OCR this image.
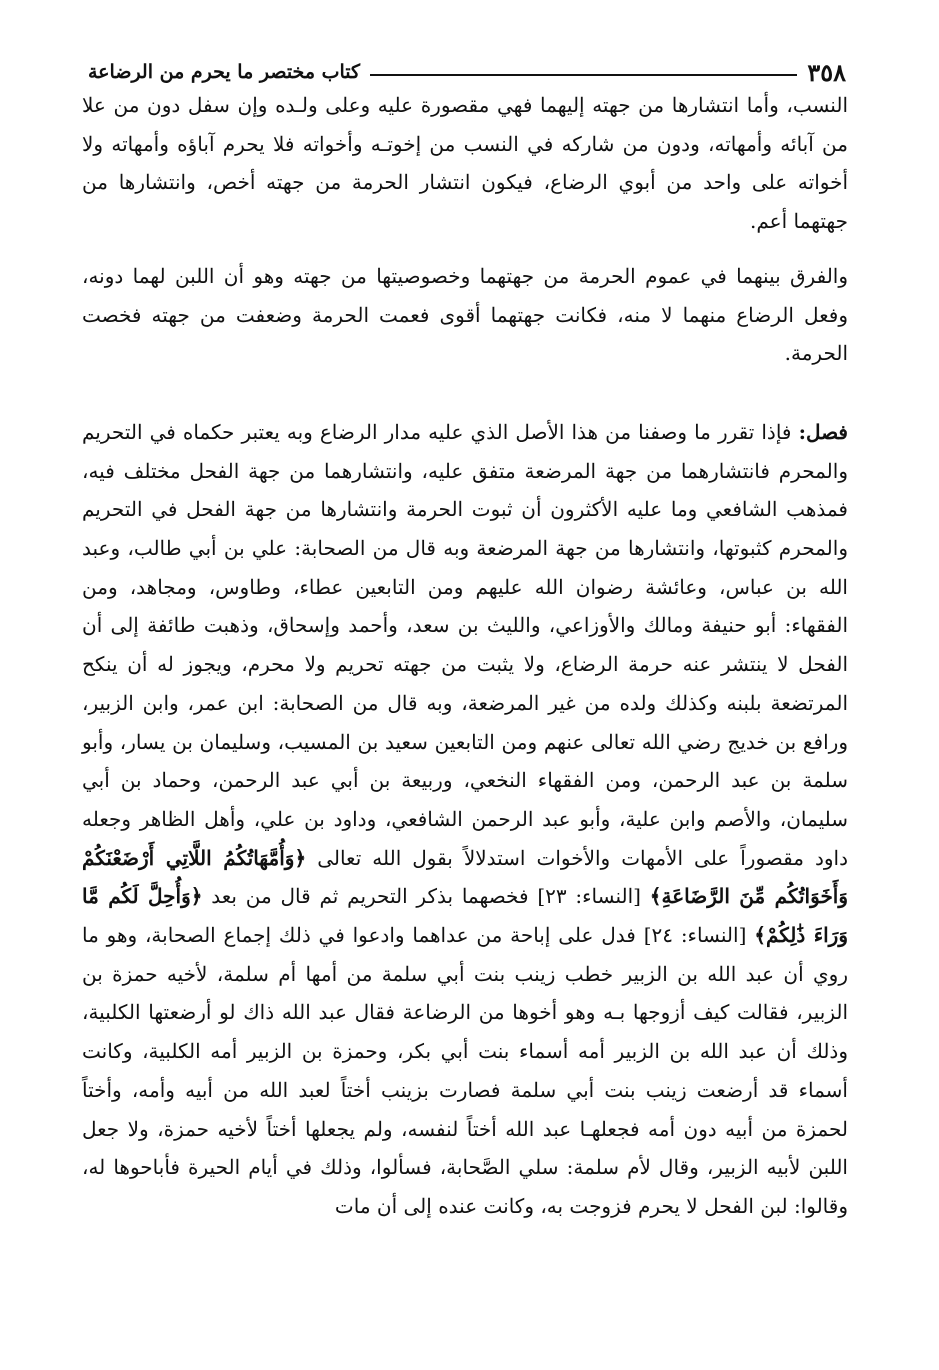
٣٥٨
كتاب مختصر ما يحرم من الرضاعة

النسب، وأما انتشارها من جهته إليهما فهي مقصورة عليه وعلى ولـده وإن سفل دون من علا من آبائه وأمهاته، ودون من شاركه في النسب من إخوتـه وأخواته فلا يحرم آباؤه وأمهاته ولا أخواته على واحد من أبوي الرضاع، فيكون انتشار الحرمة من جهته أخص، وانتشارها من جهتهما أعم.

والفرق بينهما في عموم الحرمة من جهتهما وخصوصيتها من جهته وهو أن اللبن لهما دونه، وفعل الرضاع منهما لا منه، فكانت جهتهما أقوى فعمت الحرمة وضعفت من جهته فخصت الحرمة.

فصل: فإذا تقرر ما وصفنا من هذا الأصل الذي عليه مدار الرضاع وبه يعتبر حكماه في التحريم والمحرم فانتشارهما من جهة المرضعة متفق عليه، وانتشارهما من جهة الفحل مختلف فيه، فمذهب الشافعي وما عليه الأكثرون أن ثبوت الحرمة وانتشارها من جهة الفحل في التحريم والمحرم كثبوتها، وانتشارها من جهة المرضعة وبه قال من الصحابة: علي بن أبي طالب، وعبد الله بن عباس، وعائشة رضوان الله عليهم ومن التابعين عطاء، وطاوس، ومجاهد، ومن الفقهاء: أبو حنيفة ومالك والأوزاعي، والليث بن سعد، وأحمد وإسحاق، وذهبت طائفة إلى أن الفحل لا ينتشر عنه حرمة الرضاع، ولا يثبت من جهته تحريم ولا محرم، ويجوز له أن ينكح المرتضعة بلبنه وكذلك ولده من غير المرضعة، وبه قال من الصحابة: ابن عمر، وابن الزبير، ورافع بن خديج رضي الله تعالى عنهم ومن التابعين سعيد بن المسيب، وسليمان بن يسار، وأبو سلمة بن عبد الرحمن، ومن الفقهاء النخعي، وربيعة بن أبي عبد الرحمن، وحماد بن أبي سليمان، والأصم وابن علية، وأبو عبد الرحمن الشافعي، وداود بن علي، وأهل الظاهر وجعله داود مقصوراً على الأمهات والأخوات استدلالاً بقول الله تعالى ﴿وَأُمَّهَاتُكُمُ اللَّاتِي أَرْضَعْنَكُمْ وَأَخَوَاتُكُم مِّنَ الرَّضَاعَةِ﴾ [النساء: ٢٣] فخصهما بذكر التحريم ثم قال من بعد ﴿وَأُحِلَّ لَكُم مَّا وَرَاءَ ذَٰلِكُمْ﴾ [النساء: ٢٤] فدل على إباحة من عداهما وادعوا في ذلك إجماع الصحابة، وهو ما روي أن عبد الله بن الزبير خطب زينب بنت أبي سلمة من أمها أم سلمة، لأخيه حمزة بن الزبير، فقالت كيف أزوجها بـه وهو أخوها من الرضاعة فقال عبد الله ذاك لو أرضعتها الكلبية، وذلك أن عبد الله بن الزبير أمه أسماء بنت أبي بكر، وحمزة بن الزبير أمه الكلبية، وكانت أسماء قد أرضعت زينب بنت أبي سلمة فصارت بزينب أختاً لعبد الله من أبيه وأمه، وأختاً لحمزة من أبيه دون أمه فجعلهـا عبد الله أختاً لنفسه، ولم يجعلها أختاً لأخيه حمزة، ولا جعل اللبن لأبيه الزبير، وقال لأم سلمة: سلي الصَّحابة، فسألوا، وذلك في أيام الحيرة فأباحوها له، وقالوا: لبن الفحل لا يحرم فزوجت به، وكانت عنده إلى أن مات
